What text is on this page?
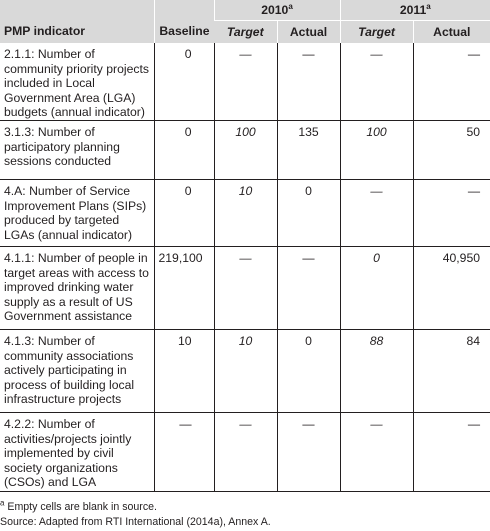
PMP indicator	Baseline	2010$^a$		2011$^a$
		Target	Actual	Target	Actual
2.1.1: Number of community priority projects included in Local Government Area (LGA) budgets (annual indicator)	0	—	—	—	—
3.1.3: Number of participatory planning sessions conducted	0	100	135	100	50
4.A: Number of Service Improvement Plans (SIPs) produced by targeted LGAs (annual indicator)	0	10	0	—	—
4.1.1: Number of people in target areas with access to improved drinking water supply as a result of US Government assistance	219,100	—	—	0	40,950
4.1.3: Number of community associations actively participating in process of building local infrastructure projects	10	10	0	88	84
4.2.2: Number of activities/projects jointly implemented by civil society organizations (CSOs) and LGA	—	—	—	—	—
$^a$ Empty cells are blank in source.
Source: Adapted from RTI International (2014a), Annex A.
